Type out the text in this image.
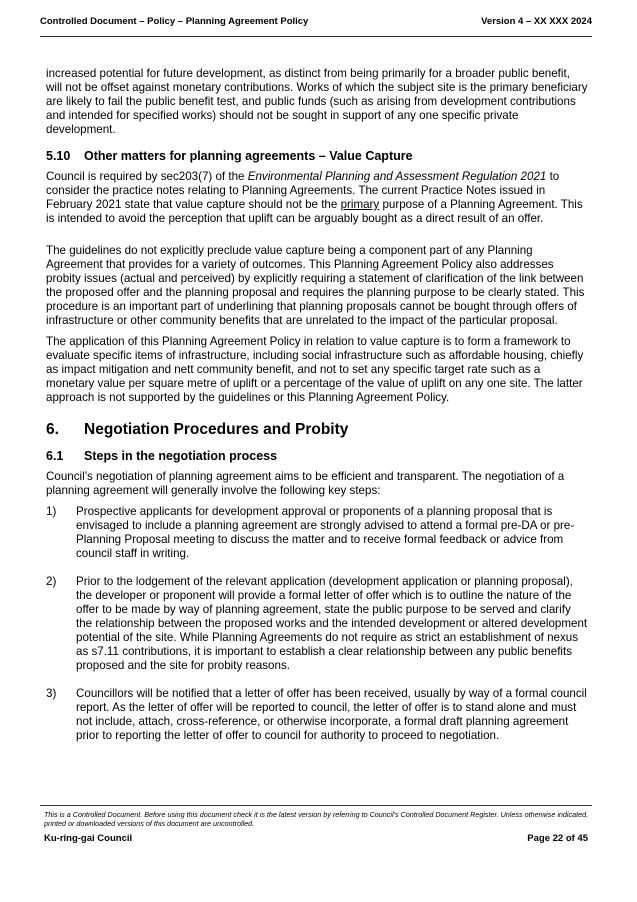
Controlled Document – Policy – Planning Agreement Policy	Version 4 – XX XXX 2024

increased potential for future development, as distinct from being primarily for a broader public benefit, will not be offset against monetary contributions. Works of which the subject site is the primary beneficiary are likely to fail the public benefit test, and public funds (such as arising from development contributions and intended for specified works) should not be sought in support of any one specific private development.

5.10	Other matters for planning agreements – Value Capture

Council is required by sec203(7) of the Environmental Planning and Assessment Regulation 2021 to consider the practice notes relating to Planning Agreements. The current Practice Notes issued in February 2021 state that value capture should not be the primary purpose of a Planning Agreement. This is intended to avoid the perception that uplift can be arguably bought as a direct result of an offer.

The guidelines do not explicitly preclude value capture being a component part of any Planning Agreement that provides for a variety of outcomes. This Planning Agreement Policy also addresses probity issues (actual and perceived) by explicitly requiring a statement of clarification of the link between the proposed offer and the planning proposal and requires the planning purpose to be clearly stated. This procedure is an important part of underlining that planning proposals cannot be bought through offers of infrastructure or other community benefits that are unrelated to the impact of the particular proposal.

The application of this Planning Agreement Policy in relation to value capture is to form a framework to evaluate specific items of infrastructure, including social infrastructure such as affordable housing, chiefly as impact mitigation and nett community benefit, and not to set any specific target rate such as a monetary value per square metre of uplift or a percentage of the value of uplift on any one site. The latter approach is not supported by the guidelines or this Planning Agreement Policy.

6.	Negotiation Procedures and Probity
6.1	Steps in the negotiation process

Council’s negotiation of planning agreement aims to be efficient and transparent. The negotiation of a planning agreement will generally involve the following key steps:

1)	Prospective applicants for development approval or proponents of a planning proposal that is envisaged to include a planning agreement are strongly advised to attend a formal pre-DA or pre-Planning Proposal meeting to discuss the matter and to receive formal feedback or advice from council staff in writing.
2)	Prior to the lodgement of the relevant application (development application or planning proposal), the developer or proponent will provide a formal letter of offer which is to outline the nature of the offer to be made by way of planning agreement, state the public purpose to be served and clarify the relationship between the proposed works and the intended development or altered development potential of the site. While Planning Agreements do not require as strict an establishment of nexus as s7.11 contributions, it is important to establish a clear relationship between any public benefits proposed and the site for probity reasons.
3)	Councillors will be notified that a letter of offer has been received, usually by way of a formal council report. As the letter of offer will be reported to council, the letter of offer is to stand alone and must not include, attach, cross-reference, or otherwise incorporate, a formal draft planning agreement prior to reporting the letter of offer to council for authority to proceed to negotiation.
This is a Controlled Document. Before using this document check it is the latest version by referring to Council’s Controlled Document Register. Unless otherwise indicated, printed or downloaded versions of this document are uncontrolled.
Ku-ring-gai Council	Page 22 of 45
